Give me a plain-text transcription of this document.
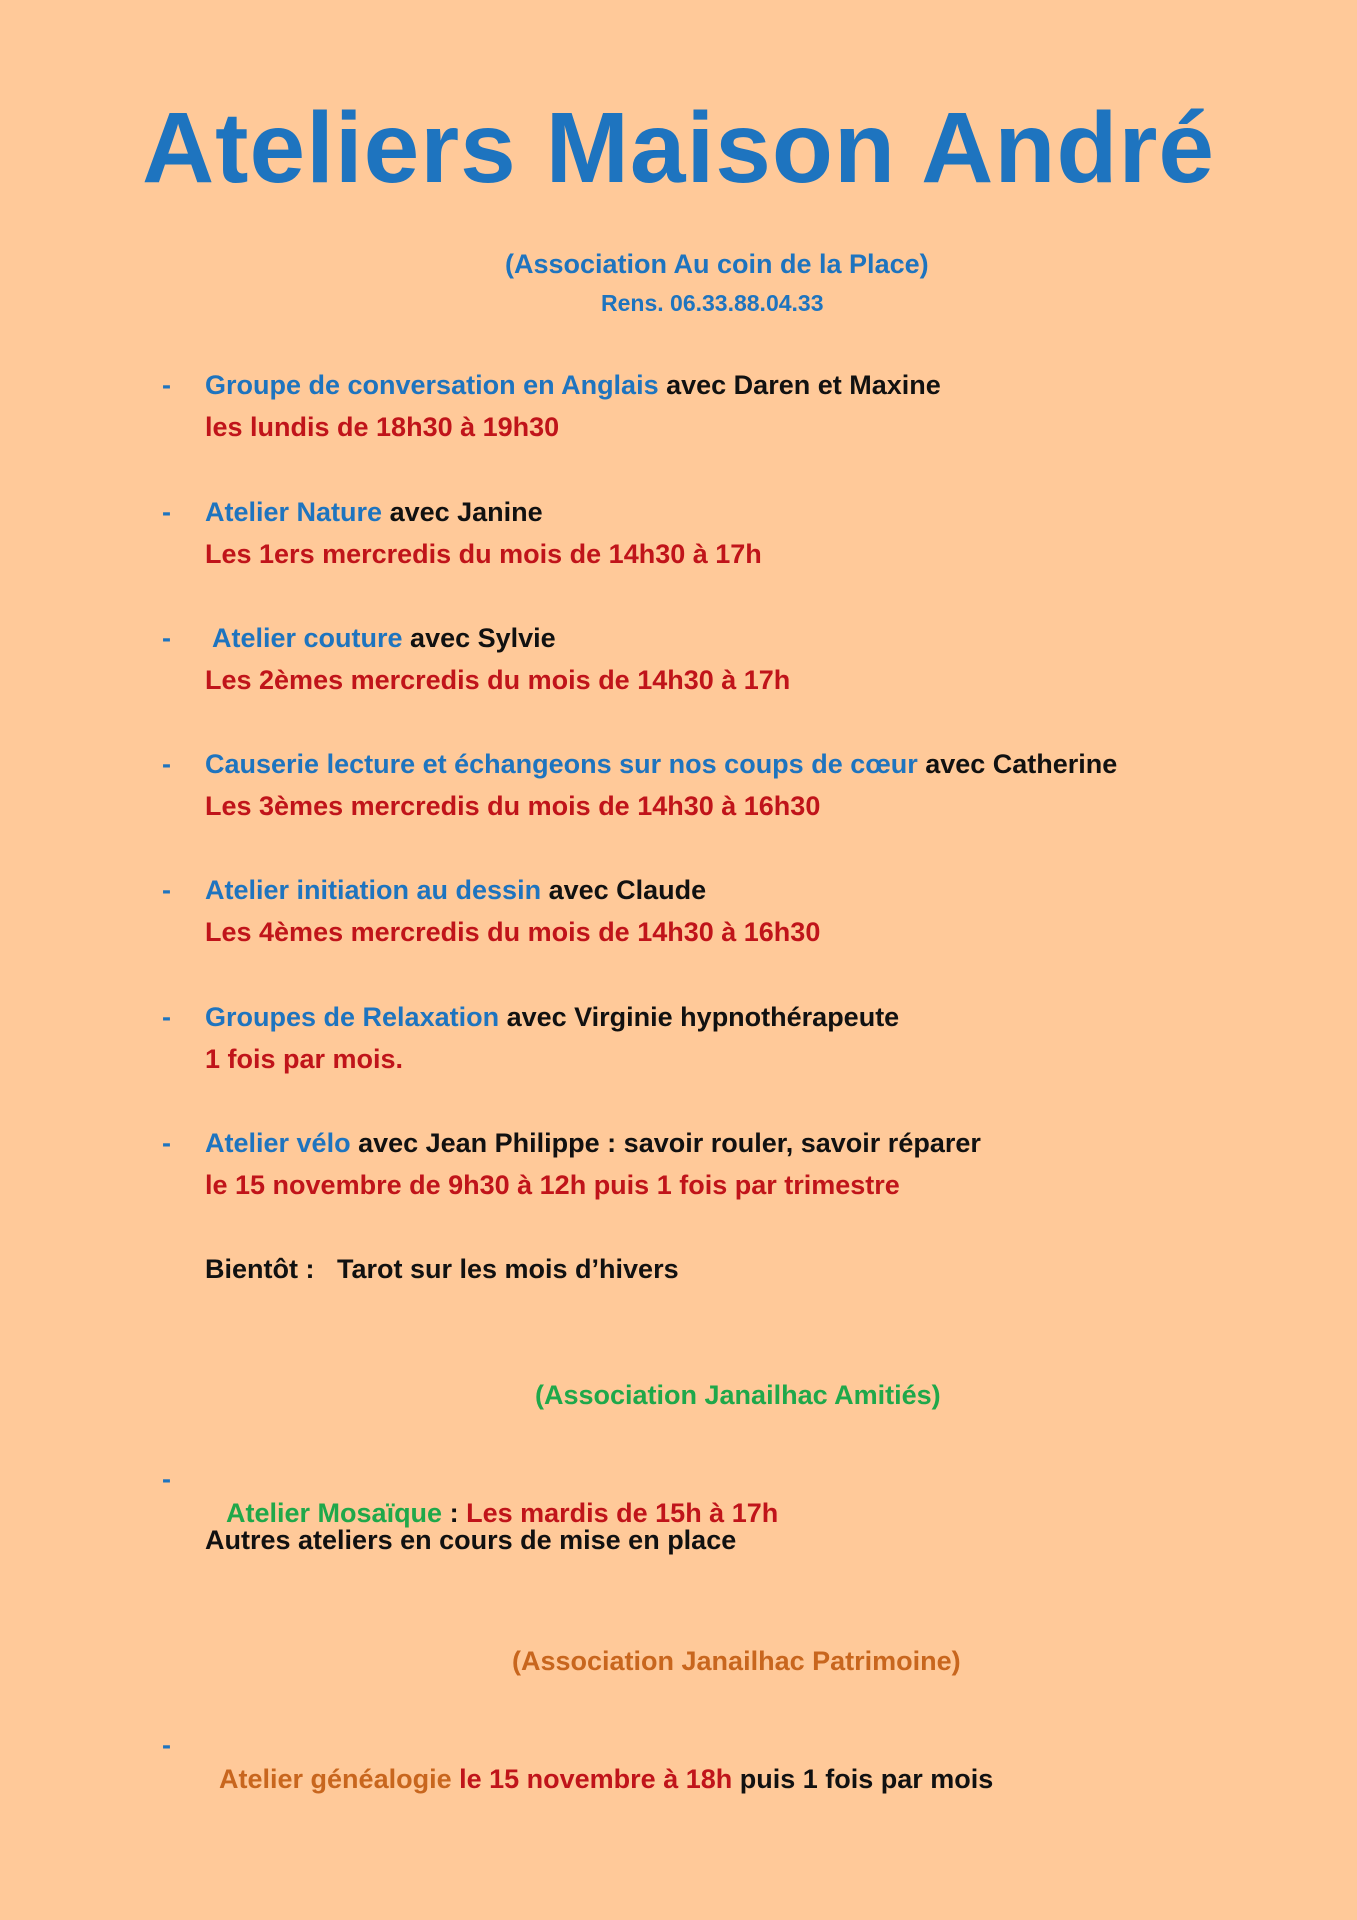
Ateliers Maison André
(Association Au coin de la Place)
Rens. 06.33.88.04.33
- Groupe de conversation en Anglais avec Daren et Maxine
les lundis de 18h30 à 19h30
- Atelier Nature avec Janine
Les 1ers mercredis du mois de 14h30 à 17h
- Atelier couture avec Sylvie
Les 2èmes mercredis du mois de 14h30 à 17h
- Causerie lecture et échangeons sur nos coups de cœur avec Catherine
Les 3èmes mercredis du mois de 14h30 à 16h30
- Atelier initiation au dessin avec Claude
Les 4èmes mercredis du mois de 14h30 à 16h30
- Groupes de Relaxation avec Virginie hypnothérapeute
1 fois par mois.
- Atelier vélo avec Jean Philippe : savoir rouler, savoir réparer
le 15 novembre de 9h30 à 12h puis 1 fois par trimestre
Bientôt :   Tarot sur les mois d’hivers
(Association Janailhac Amitiés)
-

Atelier Mosaïque : Les mardis de 15h à 17h

Autres ateliers en cours de mise en place
(Association Janailhac Patrimoine)
-

Atelier généalogie le 15 novembre à 18h puis 1 fois par mois
